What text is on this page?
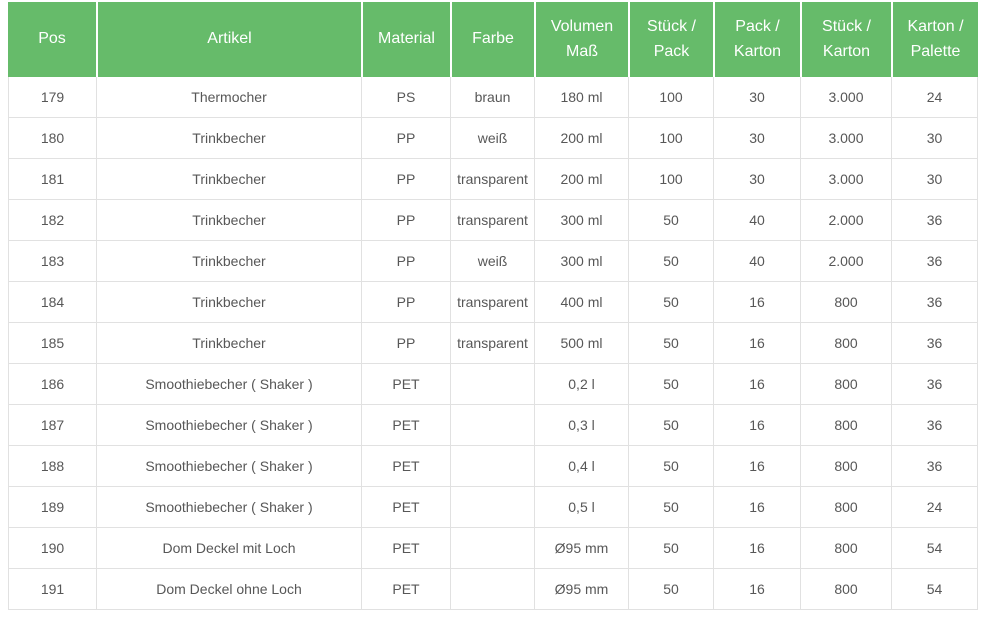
Pos	Artikel	Material	Farbe	Volumen Maß	Stück / Pack	Pack / Karton	Stück / Karton	Karton / Palette
179	Thermocher	PS	braun	180 ml	100	30	3.000	24
180	Trinkbecher	PP	weiß	200 ml	100	30	3.000	30
181	Trinkbecher	PP	transparent	200 ml	100	30	3.000	30
182	Trinkbecher	PP	transparent	300 ml	50	40	2.000	36
183	Trinkbecher	PP	weiß	300 ml	50	40	2.000	36
184	Trinkbecher	PP	transparent	400 ml	50	16	800	36
185	Trinkbecher	PP	transparent	500 ml	50	16	800	36
186	Smoothiebecher ( Shaker )	PET		0,2 l	50	16	800	36
187	Smoothiebecher ( Shaker )	PET		0,3 l	50	16	800	36
188	Smoothiebecher ( Shaker )	PET		0,4 l	50	16	800	36
189	Smoothiebecher ( Shaker )	PET		0,5 l	50	16	800	24
190	Dom Deckel mit Loch	PET		Ø95 mm	50	16	800	54
191	Dom Deckel ohne Loch	PET		Ø95 mm	50	16	800	54
